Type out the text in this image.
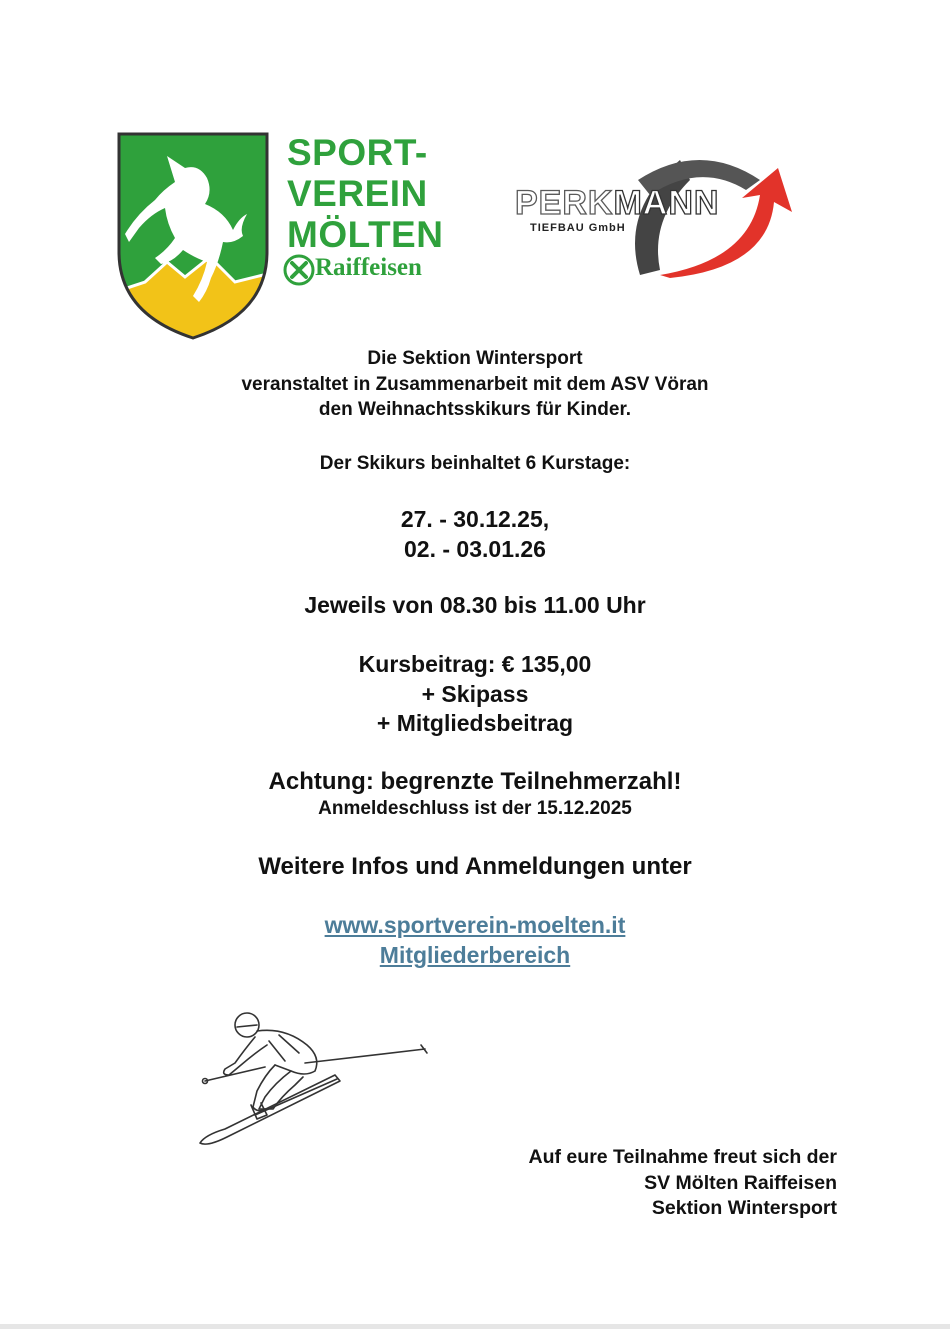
SPORT-
VEREIN
MÖLTEN
Raiffeisen
PERKMANN
TIEFBAU GmbH
Die Sektion Wintersport
veranstaltet in Zusammenarbeit mit dem ASV Vöran
den Weihnachtsskikurs für Kinder.
Der Skikurs beinhaltet 6 Kurstage:
27. - 30.12.25,
02. - 03.01.26
Jeweils von 08.30 bis 11.00 Uhr
Kursbeitrag: € 135,00
+ Skipass
+ Mitgliedsbeitrag
Achtung: begrenzte Teilnehmerzahl!
Anmeldeschluss ist der 15.12.2025
Weitere Infos und Anmeldungen unter
www.sportverein-moelten.it
Mitgliederbereich
Auf eure Teilnahme freut sich der
SV Mölten Raiffeisen
Sektion Wintersport
